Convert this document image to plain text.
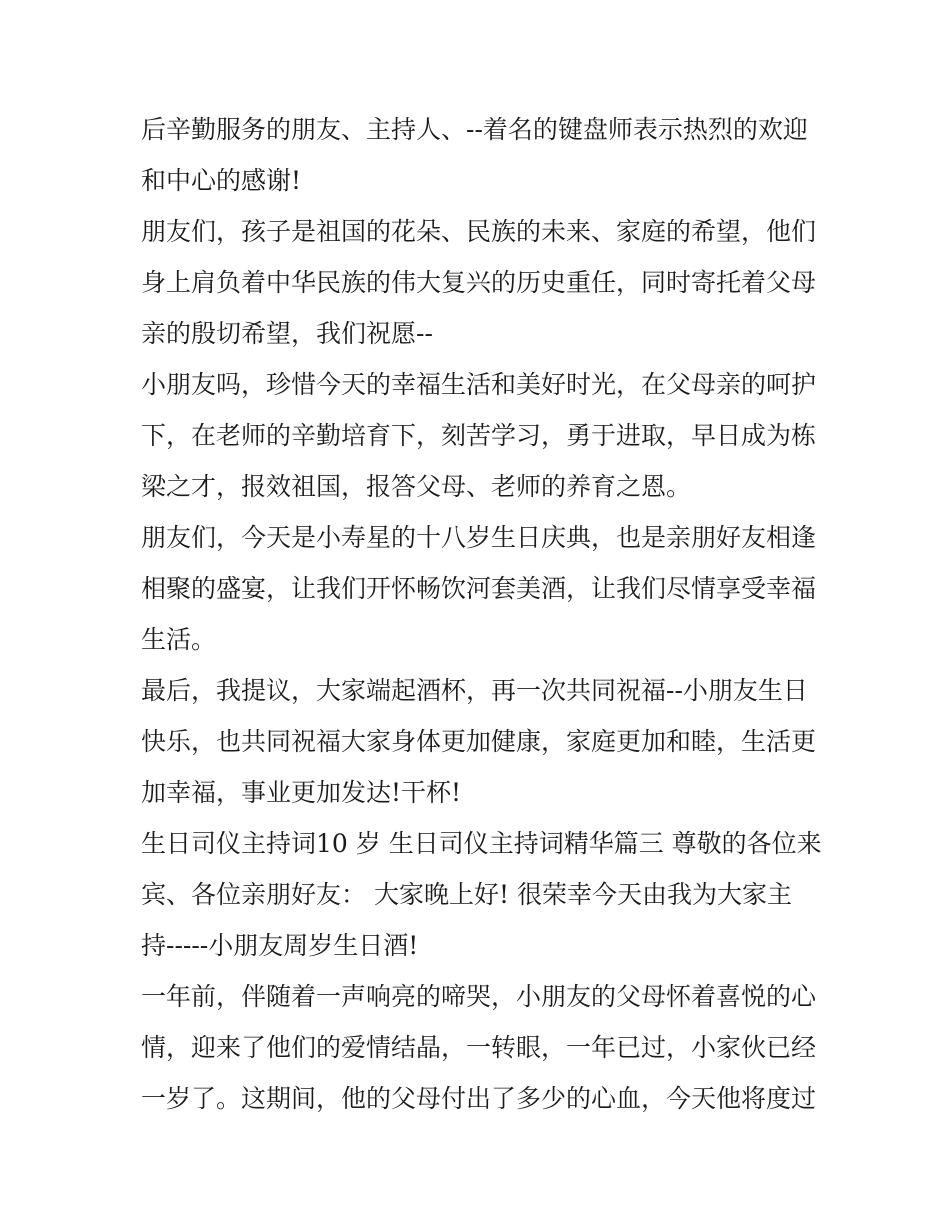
后辛勤服务的朋友、主持人、--着名的键盘师表示热烈的欢迎
和中心的感谢!
朋友们，孩子是祖国的花朵、民族的未来、家庭的希望，他们
身上肩负着中华民族的伟大复兴的历史重任，同时寄托着父母
亲的殷切希望，我们祝愿--
小朋友吗，珍惜今天的幸福生活和美好时光，在父母亲的呵护
下，在老师的辛勤培育下，刻苦学习，勇于进取，早日成为栋
梁之才，报效祖国，报答父母、老师的养育之恩。
朋友们，今天是小寿星的十八岁生日庆典，也是亲朋好友相逢
相聚的盛宴，让我们开怀畅饮河套美酒，让我们尽情享受幸福
生活。
最后，我提议，大家端起酒杯，再一次共同祝福--小朋友生日
快乐，也共同祝福大家身体更加健康，家庭更加和睦，生活更
加幸福，事业更加发达!干杯!
生日司仪主持词10 岁 生日司仪主持词精华篇三 尊敬的各位来
宾、各位亲朋好友： 大家晚上好! 很荣幸今天由我为大家主
持-----小朋友周岁生日酒!
一年前，伴随着一声响亮的啼哭，小朋友的父母怀着喜悦的心
情，迎来了他们的爱情结晶，一转眼，一年已过，小家伙已经
一岁了。这期间，他的父母付出了多少的心血，今天他将度过
